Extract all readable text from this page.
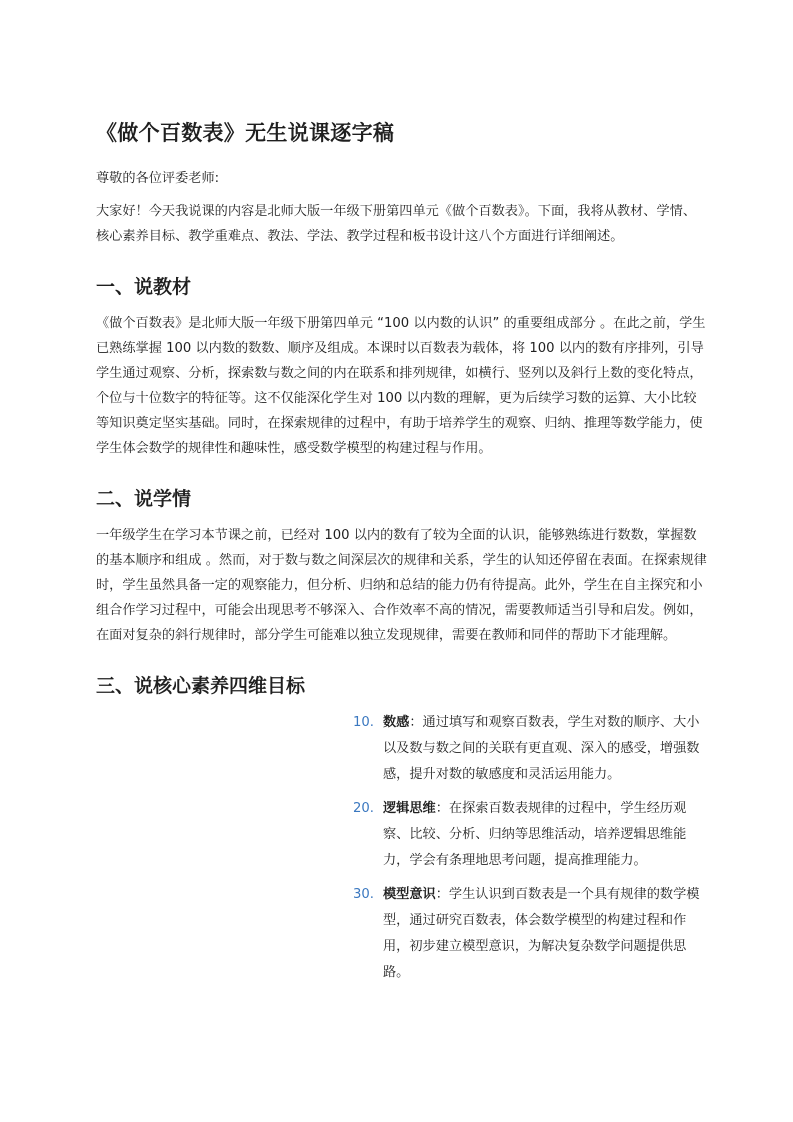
《做个百数表》无生说课逐字稿

尊敬的各位评委老师:

大家好！今天我说课的内容是北师大版一年级下册第四单元《做个百数表》。下面，我将从教材、学情、核心素养目标、教学重难点、教法、学法、教学过程和板书设计这八个方面进行详细阐述。

一、说教材

《做个百数表》是北师大版一年级下册第四单元 “100 以内数的认识” 的重要组成部分 。在此之前，学生已熟练掌握 100 以内数的数数、顺序及组成。本课时以百数表为载体，将 100 以内的数有序排列，引导学生通过观察、分析，探索数与数之间的内在联系和排列规律，如横行、竖列以及斜行上数的变化特点，个位与十位数字的特征等。这不仅能深化学生对 100 以内数的理解，更为后续学习数的运算、大小比较等知识奠定坚实基础。同时，在探索规律的过程中，有助于培养学生的观察、归纳、推理等数学能力，使学生体会数学的规律性和趣味性，感受数学模型的构建过程与作用。

二、说学情

一年级学生在学习本节课之前，已经对 100 以内的数有了较为全面的认识，能够熟练进行数数，掌握数的基本顺序和组成 。然而，对于数与数之间深层次的规律和关系，学生的认知还停留在表面。在探索规律时，学生虽然具备一定的观察能力，但分析、归纳和总结的能力仍有待提高。此外，学生在自主探究和小组合作学习过程中，可能会出现思考不够深入、合作效率不高的情况，需要教师适当引导和启发。例如，在面对复杂的斜行规律时，部分学生可能难以独立发现规律，需要在教师和同伴的帮助下才能理解。

三、说核心素养四维目标
10. 数感：通过填写和观察百数表，学生对数的顺序、大小以及数与数之间的关联有更直观、深入的感受，增强数感，提升对数的敏感度和灵活运用能力。
20. 逻辑思维：在探索百数表规律的过程中，学生经历观察、比较、分析、归纳等思维活动，培养逻辑思维能力，学会有条理地思考问题，提高推理能力。
30. 模型意识：学生认识到百数表是一个具有规律的数学模型，通过研究百数表，体会数学模型的构建过程和作用，初步建立模型意识，为解决复杂数学问题提供思路。
